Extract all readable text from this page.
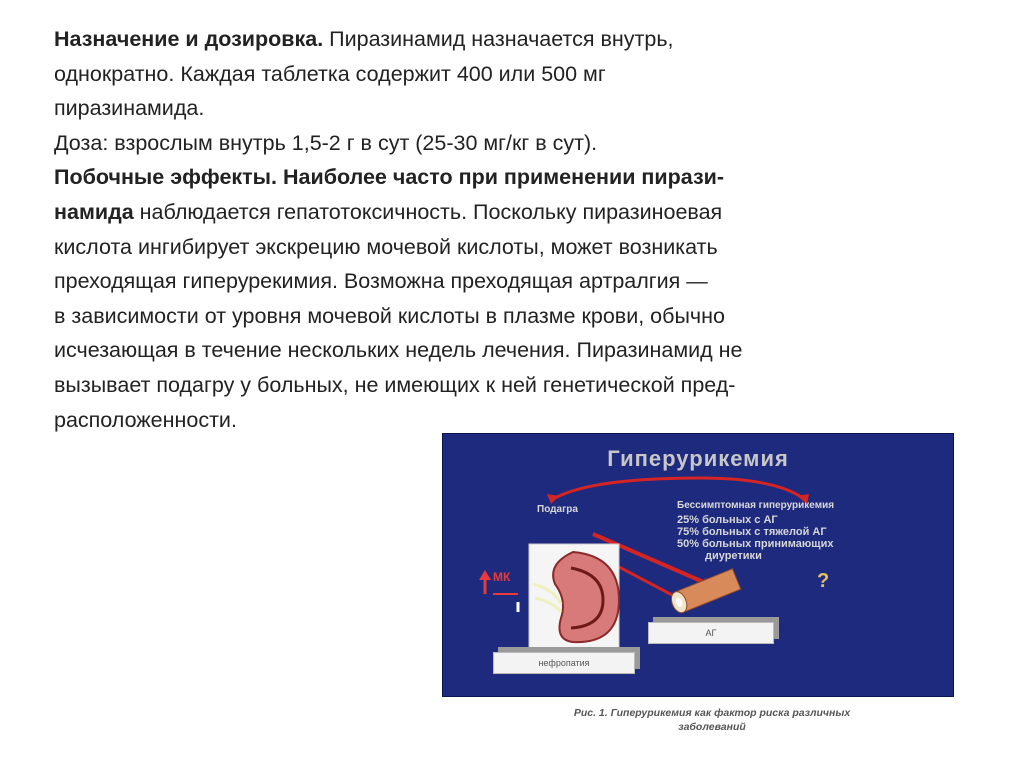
Назначение и дозировка. Пиразинамид назначается внутрь,
однократно. Каждая таблетка содержит 400 или 500 мг
пиразинамида.
Доза: взрослым внутрь 1,5-2 г в сут (25-30 мг/кг в сут).
Побочные эффекты. Наиболее часто при применении пирази-
намида наблюдается гепатотоксичность. Поскольку пиразиноевая
кислота ингибирует экскрецию мочевой кислоты, может возникать
преходящая гиперурекимия. Возможна преходящая артралгия —
в зависимости от уровня мочевой кислоты в плазме крови, обычно
исчезающая в течение нескольких недель лечения. Пиразинамид не
вызывает подагру у больных, не имеющих к ней генетической пред-
расположенности.
Гиперурикемия
Подагра	Бессимптомная гиперурикемия
25% больных с АГ
75% больных с тяжелой АГ
50% больных принимающих
диуретики
?
МК
АГ
нефропатия
Рис. 1. Гиперурикемия как фактор риска различных
заболеваний
